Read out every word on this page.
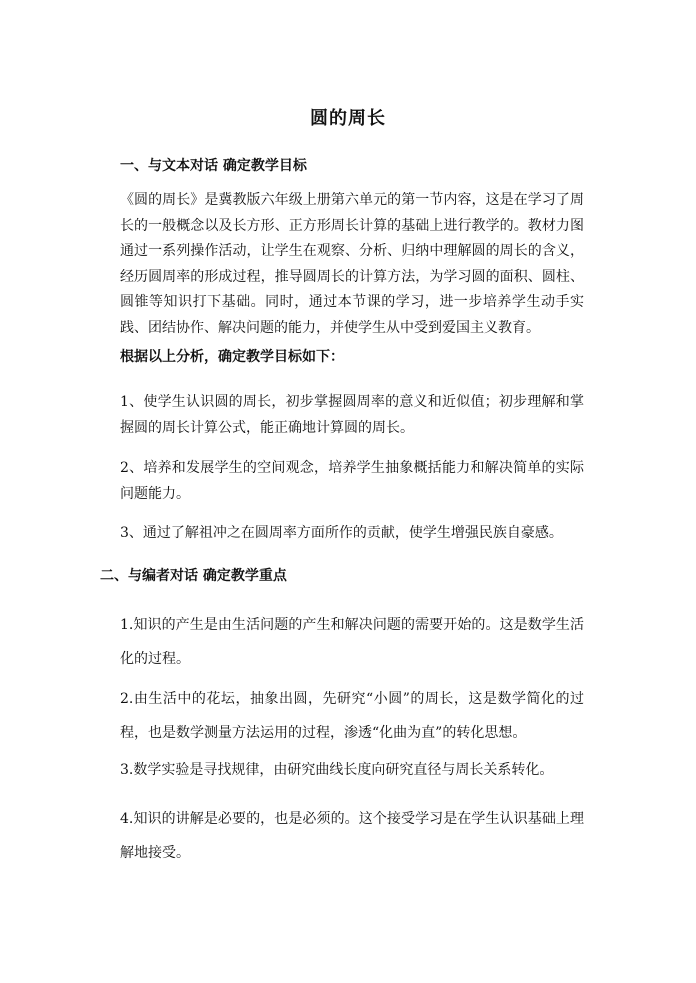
圆的周长
一、与文本对话 确定教学目标

《圆的周长》是冀教版六年级上册第六单元的第一节内容，这是在学习了周长的一般概念以及长方形、正方形周长计算的基础上进行教学的。教材力图通过一系列操作活动，让学生在观察、分析、归纳中理解圆的周长的含义，经历圆周率的形成过程，推导圆周长的计算方法，为学习圆的面积、圆柱、圆锥等知识打下基础。同时，通过本节课的学习，进一步培养学生动手实践、团结协作、解决问题的能力，并使学生从中受到爱国主义教育。

根据以上分析，确定教学目标如下：

1、使学生认识圆的周长，初步掌握圆周率的意义和近似值；初步理解和掌握圆的周长计算公式，能正确地计算圆的周长。

2、培养和发展学生的空间观念，培养学生抽象概括能力和解决简单的实际问题能力。

3、通过了解祖冲之在圆周率方面所作的贡献，使学生增强民族自豪感。

二、与编者对话 确定教学重点

1.知识的产生是由生活问题的产生和解决问题的需要开始的。这是数学生活化的过程。

2.由生活中的花坛，抽象出圆，先研究“小圆”的周长，这是数学简化的过程，也是数学测量方法运用的过程，渗透“化曲为直”的转化思想。

3.数学实验是寻找规律，由研究曲线长度向研究直径与周长关系转化。

4.知识的讲解是必要的，也是必须的。这个接受学习是在学生认识基础上理解地接受。
